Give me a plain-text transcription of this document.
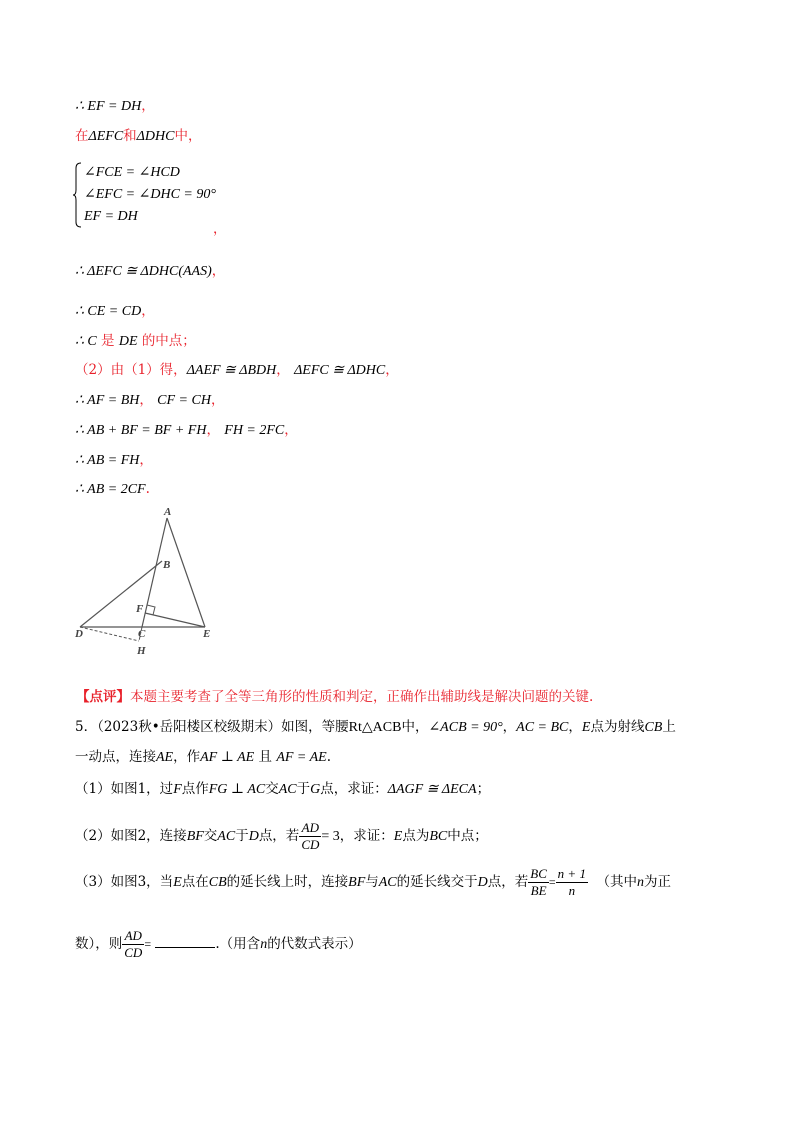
∴ EF = DH，
在ΔEFC和ΔDHC中，
∠FCE = ∠HCD
∠EFC = ∠DHC = 90°
EF = DH
，
∴ ΔEFC ≅ ΔDHC(AAS)，
∴ CE = CD，
∴ C 是 DE 的中点；
（2）由（1）得，ΔAEF ≅ ΔBDH， ΔEFC ≅ ΔDHC，
∴ AF = BH， CF = CH，
∴ AB + BF = BF + FH， FH = 2FC，
∴ AB = FH，
∴ AB = 2CF.
A
B
F
D	C	E
H
【点评】本题主要考查了全等三角形的性质和判定，正确作出辅助线是解决问题的关键.
5．（2023秋•岳阳楼区校级期末）如图，等腰Rt△ACB中，∠ACB = 90°，AC = BC，E点为射线CB上
一动点，连接AE，作AF ⊥ AE 且 AF = AE.
（1）如图1，过F点作FG ⊥ AC交AC于G点，求证：ΔAGF ≅ ΔECA；
（2）如图2，连接BF交AC于D点，若 $\frac{AD}{CD} = 3$，求证：E点为BC中点；
（3）如图3，当E点在CB的延长线上时，连接BF与AC的延长线交于D点，若 $\frac{BC}{BE} = \frac{n + 1}{n}$ （其中n为正
数），则 $\frac{AD}{CD}$ =	.（用含n的代数式表示）
